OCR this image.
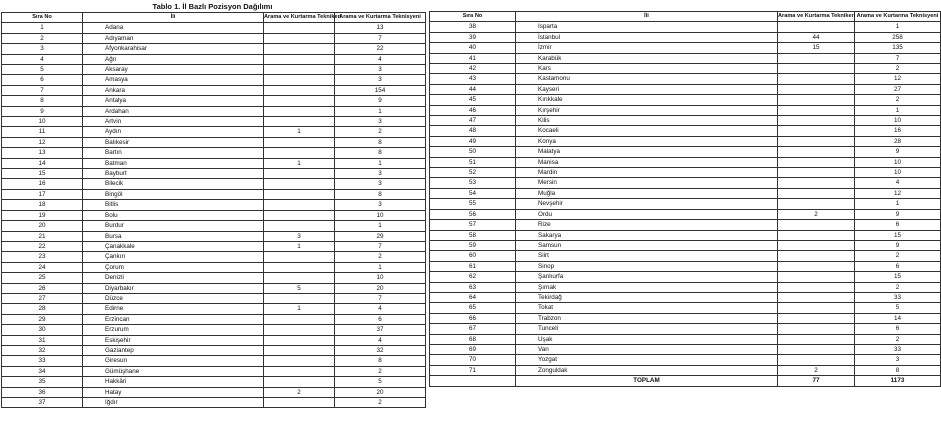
Tablo 1. İl Bazlı Pozisyon Dağılımı
Sıra No	İli	Arama ve Kurtarma Teknikeri	Arama ve Kurtarma Teknisyeni
1	Adana		13
2	Adıyaman		7
3	Afyonkarahisar		22
4	Ağrı		4
5	Aksaray		3
6	Amasya		3
7	Ankara		154
8	Antalya		9
9	Ardahan		1
10	Artvin		3
11	Aydın	1	2
12	Balıkesir		8
13	Bartın		8
14	Batman	1	1
15	Bayburt		3
16	Bilecik		3
17	Bingöl		8
18	Bitlis		3
19	Bolu		10
20	Burdur		1
21	Bursa	3	29
22	Çanakkale	1	7
23	Çankırı		2
24	Çorum		1
25	Denizli		10
26	Diyarbakır	5	20
27	Düzce		7
28	Edirne	1	4
29	Erzincan		6
30	Erzurum		37
31	Eskişehir		4
32	Gaziantep		32
33	Giresun		8
34	Gümüşhane		2
35	Hakkâri		5
36	Hatay	2	20
37	Iğdır		2
Sıra No	İli	Arama ve Kurtarma Teknikeri	Arama ve Kurtarma Teknisyeni
38	Isparta		1
39	İstanbul	44	258
40	İzmir	15	135
41	Karabük		7
42	Kars		2
43	Kastamonu		12
44	Kayseri		27
45	Kırıkkale		2
46	Kırşehir		1
47	Kilis		10
48	Kocaeli		16
49	Konya		28
50	Malatya		9
51	Manisa		10
52	Mardin		10
53	Mersin		4
54	Muğla		12
55	Nevşehir		1
56	Ordu	2	9
57	Rize		6
58	Sakarya		15
59	Samsun		9
60	Siirt		2
61	Sinop		6
62	Şanlıurfa		15
63	Şırnak		2
64	Tekirdağ		33
65	Tokat		5
66	Trabzon		14
67	Tunceli		6
68	Uşak		2
69	Van		33
70	Yozgat		3
71	Zonguldak	2	8
	TOPLAM	77	1173
